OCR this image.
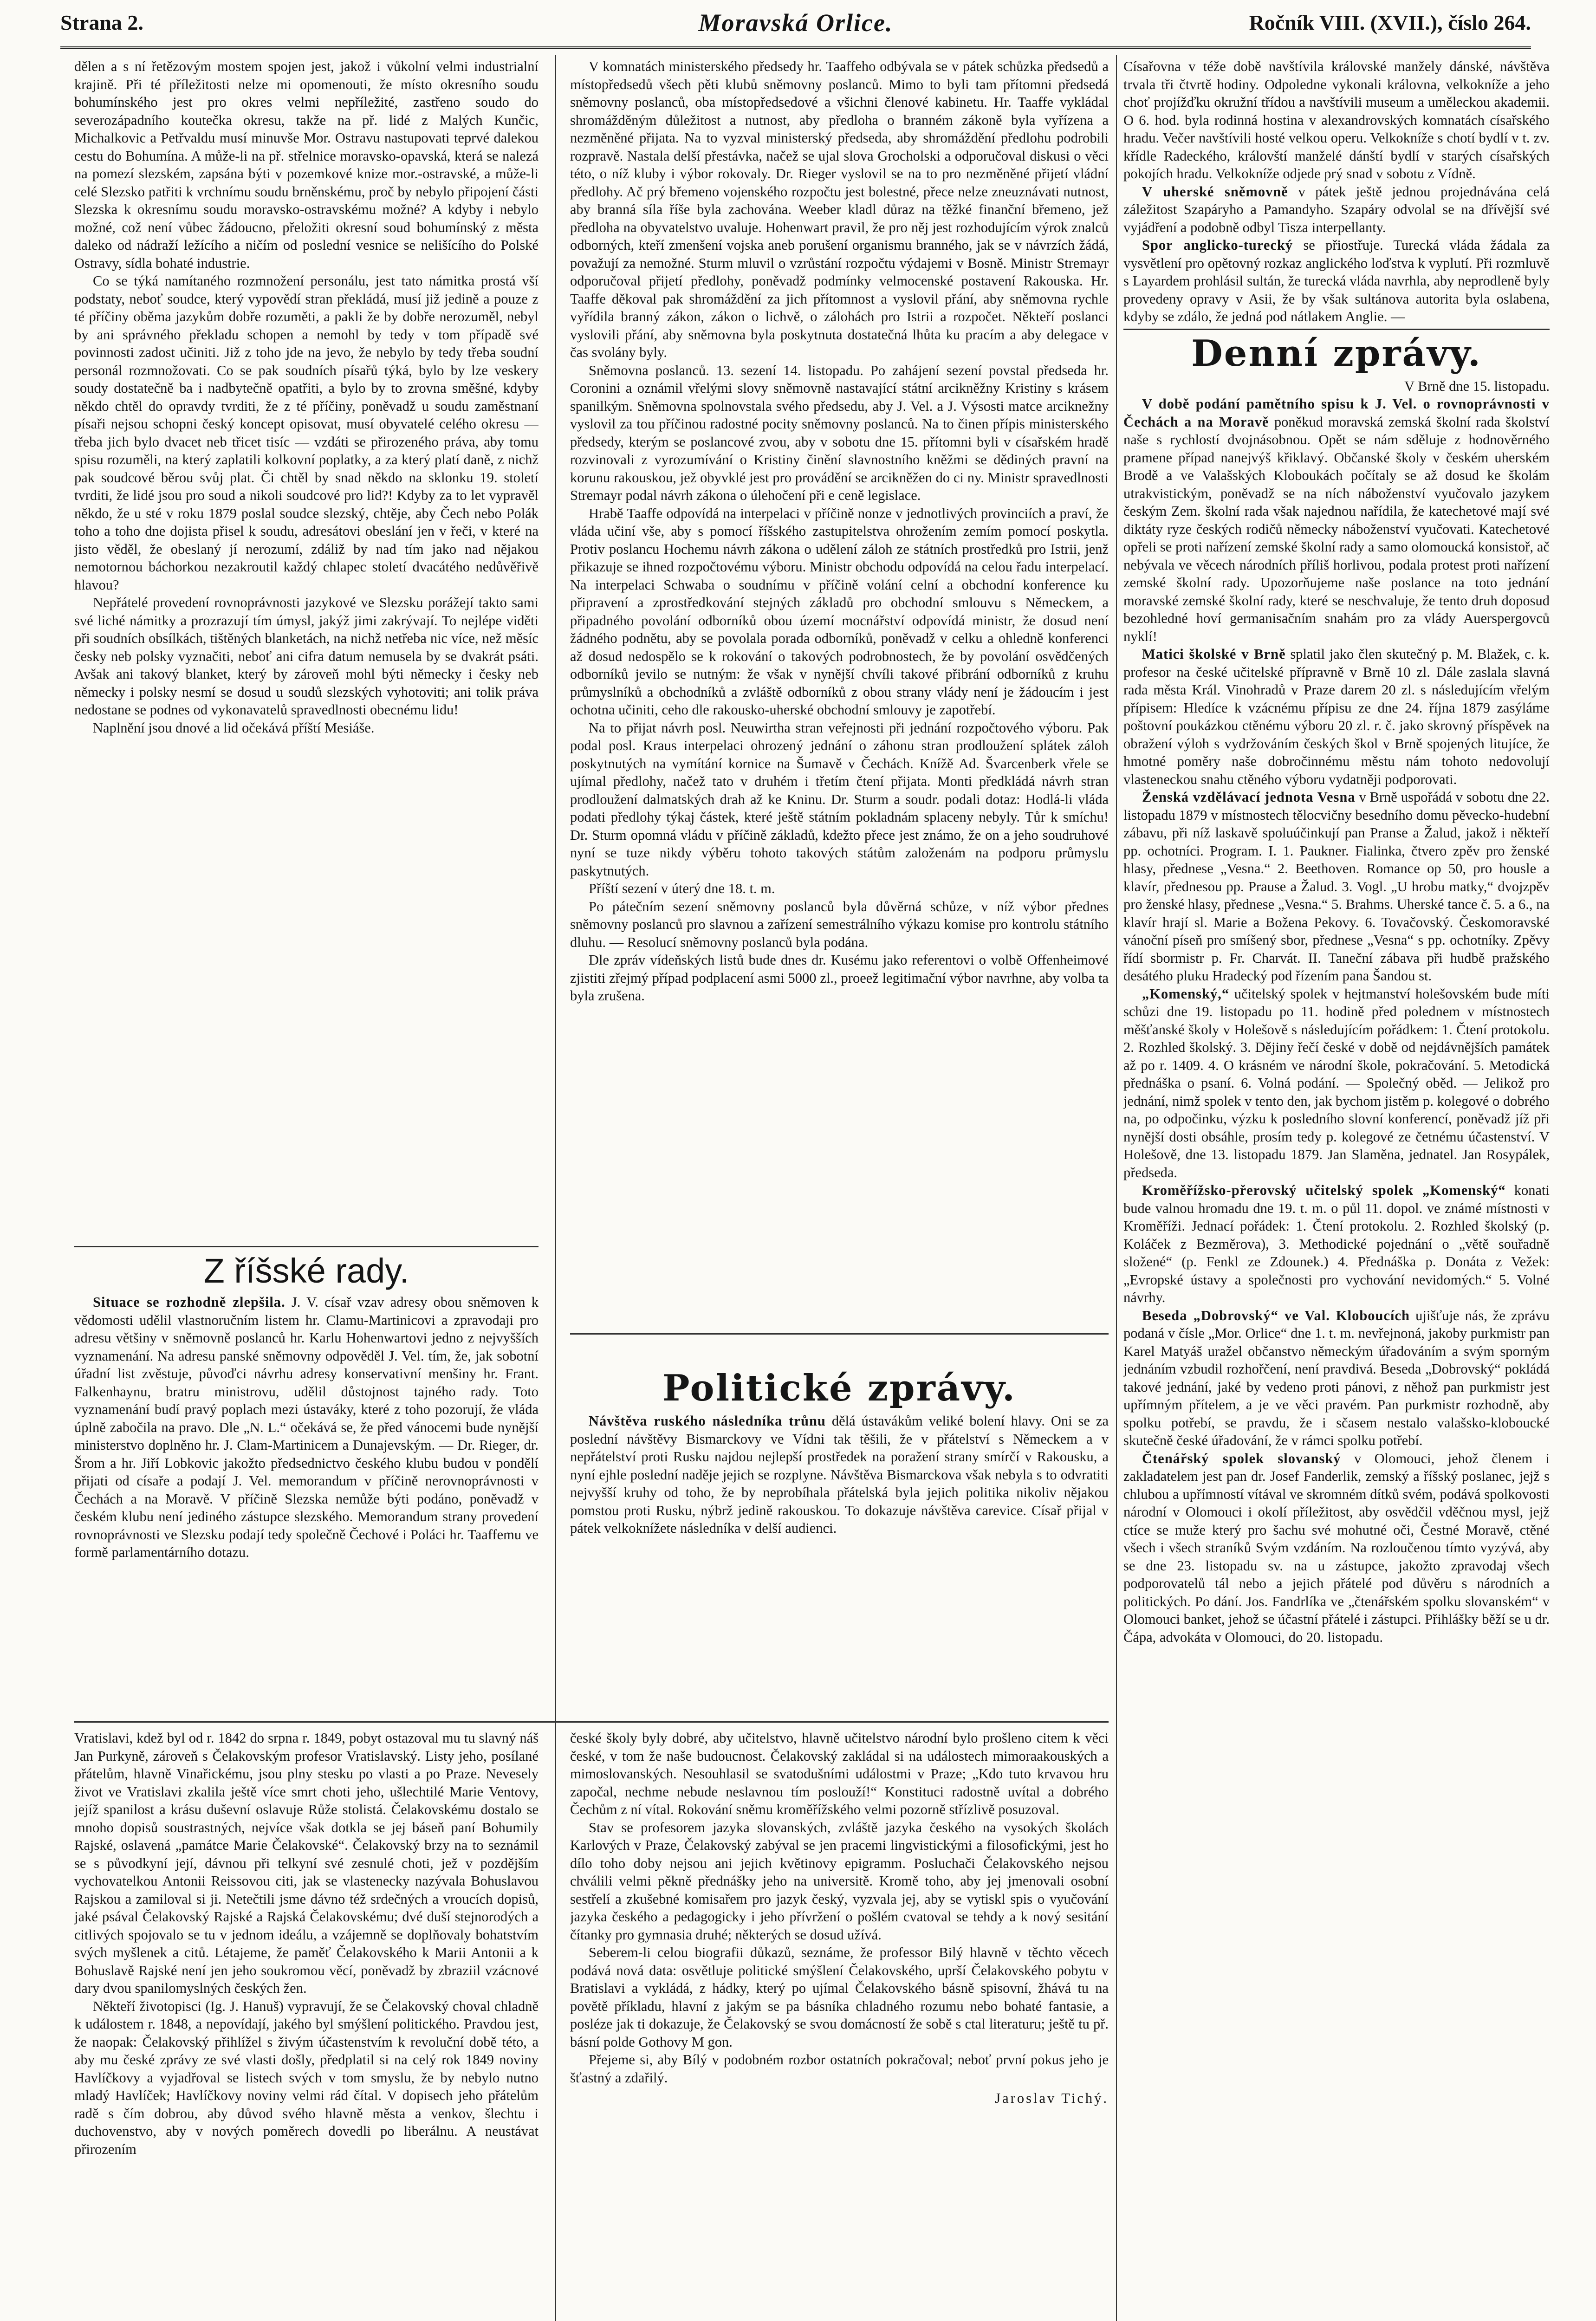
Strana 2.	Moravská Orlice.	Ročník VIII. (XVII.), číslo 264.

dělen a s ní řetězovým mostem spojen jest, jakož i vůkolní velmi industrialní krajině. Při té příležitosti nelze mi opomenouti, že místo okresního soudu bohumínského jest pro okres velmi nepříležité, zastřeno soudo do severozápadního koutečka okresu, takže na př. lidé z Malých Kunčic, Michalkovic a Petřvaldu musí minuvše Mor. Ostravu nastupovati teprvé dalekou cestu do Bohumína. A může-li na př. střelnice moravsko-opavská, která se nalezá na pomezí slezském, zapsána býti v pozemkové knize mor.-ostravské, a může-li celé Slezsko patřiti k vrchnímu soudu brněnskému, proč by nebylo připojení části Slezska k okresnímu soudu moravsko-ostravskému možné? A kdyby i nebylo možné, což není vůbec žádoucno, přeložiti okresní soud bohumínský z města daleko od nádraží ležícího a ničím od poslední vesnice se nelišícího do Polské Ostravy, sídla bohaté industrie.

Co se týká namítaného rozmnožení personálu, jest tato námitka prostá vší podstaty, neboť soudce, který vypovědí stran překládá, musí již jedině a pouze z té příčiny oběma jazykům dobře rozuměti, a pakli že by dobře nerozuměl, nebyl by ani správného překladu schopen a nemohl by tedy v tom případě své povinnosti zadost učiniti. Již z toho jde na jevo, že nebylo by tedy třeba soudní personál rozmnožovati. Co se pak soudních písařů týká, bylo by lze veskery soudy dostatečně ba i nadbytečně opatřiti, a bylo by to zrovna směšné, kdyby někdo chtěl do opravdy tvrditi, že z té příčiny, poněvadž u soudu zaměstnaní písaři nejsou schopni český koncept opisovat, musí obyvatelé celého okresu — třeba jich bylo dvacet neb třicet tisíc — vzdáti se přirozeného práva, aby tomu spisu rozuměli, na který zaplatili kolkovní poplatky, a za který platí daně, z nichž pak soudcové běrou svůj plat. Či chtěl by snad někdo na sklonku 19. století tvrditi, že lidé jsou pro soud a nikoli soudcové pro lid?! Kdyby za to let vypravěl někdo, že u sté v roku 1879 poslal soudce slezský, chtěje, aby Čech nebo Polák toho a toho dne dojista přisel k soudu, adresátovi obeslání jen v řeči, v které na jisto věděl, že obeslaný jí nerozumí, zdáliž by nad tím jako nad nějakou nemotornou báchorkou nezakroutil každý chlapec století dvacátého nedůvěřivě hlavou?

Nepřátelé provedení rovnoprávnosti jazykové ve Slezsku porážejí takto sami své liché námitky a prozrazují tím úmysl, jakýž jimi zakrývají. To nejlépe viděti při soudních obsílkách, tištěných blanketách, na nichž netřeba nic více, než měsíc česky neb polsky vyznačiti, neboť ani cifra datum nemusela by se dvakrát psáti. Avšak ani takový blanket, který by zároveň mohl býti německy i česky neb německy i polsky nesmí se dosud u soudů slezských vyhotoviti; ani tolik práva nedostane se podnes od vykonavatelů spravedlnosti obecnému lidu!

Naplnění jsou dnové a lid očekává příští Mesiáše.

Z říšské rady.

Situace se rozhodně zlepšila. J. V. císař vzav adresy obou sněmoven k vědomosti udělil vlastnoručním listem hr. Clamu-Martinicovi a zpravodaji pro adresu většiny v sněmovně poslanců hr. Karlu Hohenwartovi jedno z nejvyšších vyznamenání. Na adresu panské sněmovny odpověděl J. Vel. tím, že, jak sobotní úřadní list zvěstuje, půvoďci návrhu adresy konservativní menšiny hr. Frant. Falkenhaynu, bratru ministrovu, udělil důstojnost tajného rady. Toto vyznamenání budí pravý poplach mezi ústaváky, které z toho pozorují, že vláda úplně zabočila na pravo. Dle „N. L.“ očekává se, že před vánocemi bude nynější ministerstvo doplněno hr. J. Clam-Martinicem a Dunajevským. — Dr. Rieger, dr. Šrom a hr. Jiří Lobkovic jakožto předsednictvo českého klubu budou v pondělí přijati od císaře a podají J. Vel. memorandum v příčině nerovnoprávnosti v Čechách a na Moravě. V příčině Slezska nemůže býti podáno, poněvadž v českém klubu není jediného zástupce slezského. Memorandum strany provedení rovnoprávnosti ve Slezsku podají tedy společně Čechové i Poláci hr. Taaffemu ve formě parlamentárního dotazu.

Vratislavi, kdež byl od r. 1842 do srpna r. 1849, pobyt ostazoval mu tu slavný náš Jan Purkyně, zároveň s Čelakovským profesor Vratislavský. Listy jeho, posílané přátelům, hlavně Vinařickému, jsou plny stesku po vlasti a po Praze. Nevesely život ve Vratislavi zkalila ještě více smrt choti jeho, ušlechtilé Marie Ventovy, jejíž spanilost a krásu duševní oslavuje Růže stolistá. Čelakovskému dostalo se mnoho dopisů soustrastných, nejvíce však dotkla se jej báseň paní Bohumily Rajské, oslavená „památce Marie Čelakovské“. Čelakovský brzy na to seznámil se s původkyní její, dávnou při telkyní své zesnulé choti, jež v pozdějším vychovatelkou Antonii Reissovou citi, jak se vlastenecky nazývala Bohuslavou Rajskou a zamiloval si ji. Netečtili jsme dávno též srdečných a vroucích dopisů, jaké psával Čelakovský Rajské a Rajská Čelakovskému; dvé duší stejnorodých a citlivých spojovalo se tu v jednom ideálu, a vzájemně se doplňovaly bohatstvím svých myšlenek a citů. Létajeme, že paměť Čelakovského k Marii Antonii a k Bohuslavě Rajské není jen jeho soukromou věcí, poněvadž by zbraziil vzácnové dary dvou spanilomyslných českých žen.

Někteří životopisci (Ig. J. Hanuš) vypravují, že se Čelakovský choval chladně k událostem r. 1848, a nepovídají, jakého byl smýšlení politického. Pravdou jest, že naopak: Čelakovský přihlížel s živým účastenstvím k revoluční době této, a aby mu české zprávy ze své vlasti došly, předplatil si na celý rok 1849 noviny Havlíčkovy a vyjadřoval se listech svých v tom smyslu, že by nebylo nutno mladý Havlíček; Havlíčkovy noviny velmi rád čítal. V dopisech jeho přátelům radě s čím dobrou, aby důvod svého hlavně města a venkov, šlechtu i duchovenstvo, aby v nových poměrech dovedli po liberálnu. A neustávat přirozením

V komnatách ministerského předsedy hr. Taaffeho odbývala se v pátek schůzka předsedů a místopředsedů všech pěti klubů sněmovny poslanců. Mimo to byli tam přítomni předsedá sněmovny poslanců, oba místopředsedové a všichni členové kabinetu. Hr. Taaffe vykládal shromážděným důležitost a nutnost, aby předloha o branném zákoně byla vyřízena a nezměněné přijata. Na to vyzval ministerský předseda, aby shromáždění předlohu podrobili rozpravě. Nastala delší přestávka, načež se ujal slova Grocholski a odporučoval diskusi o věci této, o níž kluby i výbor rokovaly. Dr. Rieger vyslovil se na to pro nezměněné přijetí vládní předlohy. Ač prý břemeno vojenského rozpočtu jest bolestné, přece nelze zneuznávati nutnost, aby branná síla říše byla zachována. Weeber kladl důraz na těžké finanční břemeno, jež předloha na obyvatelstvo uvaluje. Hohenwart pravil, že pro něj jest rozhodujícím výrok znalců odborných, kteří zmenšení vojska aneb porušení organismu branného, jak se v návrzích žádá, považují za nemožné. Sturm mluvil o vzrůstání rozpočtu výdajemi v Bosně. Ministr Stremayr odporučoval přijetí předlohy, poněvadž podmínky velmocenské postavení Rakouska. Hr. Taaffe děkoval pak shromáždění za jich přítomnost a vyslovil přání, aby sněmovna rychle vyřídila branný zákon, zákon o lichvě, o zálohách pro Istrii a rozpočet. Někteří poslanci vyslovili přání, aby sněmovna byla poskytnuta dostatečná lhůta ku pracím a aby delegace v čas svolány byly.

Sněmovna poslanců. 13. sezení 14. listopadu. Po zahájení sezení povstal předseda hr. Coronini a oznámil vřelými slovy sněmovně nastavající státní arcikněžny Kristiny s krásem spanilkým. Sněmovna spolnovstala svého předsedu, aby J. Vel. a J. Výsosti matce arciknežny vyslovil za tou příčinou radostné pocity sněmovny poslanců. Na to činen přípis ministerského předsedy, kterým se poslancové zvou, aby v sobotu dne 15. přítomni byli v císařském hradě rozvinovali z vyrozumívání o Kristiny činění slavnostního kněžmi se dědiných pravní na korunu rakouskou, jež obyvklé jest pro provádění se arcikněžen do ci ny. Ministr spravedlnosti Stremayr podal návrh zákona o úlehočení při e ceně legislace.

Hrabě Taaffe odpovídá na interpelaci v příčině nonze v jednotlivých provinciích a praví, že vláda učiní vše, aby s pomocí říšského zastupitelstva ohrožením zemím pomocí poskytla. Protiv poslancu Hochemu návrh zákona o udělení záloh ze státních prostředků pro Istrii, jenž přikazuje se ihned rozpočtovému výboru. Ministr obchodu odpovídá na celou řadu interpelací. Na interpelaci Schwaba o soudnímu v příčině volání celní a obchodní konference ku připravení a zprostředkování stejných základů pro obchodní smlouvu s Německem, a připadného povolání odborníků obou území mocnářství odpovídá ministr, že dosud není žádného podnětu, aby se povolala porada odborníků, poněvadž v celku a ohledně konferenci až dosud nedospělo se k rokování o takových podrobnostech, že by povolání osvědčených odborníků jevilo se nutným: že však v nynější chvíli takové přibrání odborníků z kruhu průmyslníků a obchodníků a zvláště odborníků z obou strany vlády není je žádoucím i jest ochotna učiniti, ceho dle rakousko-uherské obchodní smlouvy je zapotřebí.

Na to přijat návrh posl. Neuwirtha stran veřejnosti při jednání rozpočtového výboru. Pak podal posl. Kraus interpelaci ohrozený jednání o záhonu stran prodloužení splátek záloh poskytnutých na vymítání kornice na Šumavě v Čechách. Knížě Ad. Švarcenberk vřele se ujímal předlohy, načež tato v druhém i třetím čtení přijata. Monti předkládá návrh stran prodloužení dalmatských drah až ke Kninu. Dr. Sturm a soudr. podali dotaz: Hodlá-li vláda podati předlohy týkaj částek, které ještě státním pokladnám splaceny nebyly. Tůr k smíchu! Dr. Sturm opomná vládu v příčině základů, kdežto přece jest známo, že on a jeho soudruhové nyní se tuze nikdy výběru tohoto takových státům založenám na podporu průmyslu paskytnutých.

Příští sezení v úterý dne 18. t. m.

Po pátečním sezení sněmovny poslanců byla důvěrná schůze, v níž výbor přednes sněmovny poslanců pro slavnou a zařízení semestrálního výkazu komise pro kontrolu státního dluhu. — Resolucí sněmovny poslanců byla podána.

Dle zpráv vídeňských listů bude dnes dr. Kusému jako referentovi o volbě Offenheimové zjistiti zřejmý případ podplacení asmi 5000 zl., proeež legitimační výbor navrhne, aby volba ta byla zrušena.

Politické zprávy.

Návštěva ruského následníka trůnu dělá ústavákům veliké bolení hlavy. Oni se za poslední návštěvy Bismarckovy ve Vídni tak těšili, že v přátelství s Německem a v nepřátelství proti Rusku najdou nejlepší prostředek na poražení strany smírčí v Rakousku, a nyní ejhle poslední naděje jejich se rozplyne. Návštěva Bismarckova však nebyla s to odvratiti nejvyšší kruhy od toho, že by neprobíhala přátelská byla jejich politika nikoliv nějakou pomstou proti Rusku, nýbrž jedině rakouskou. To dokazuje návštěva carevice. Císař přijal v pátek velkoknížete následníka v delší audienci.

české školy byly dobré, aby učitelstvo, hlavně učitelstvo národní bylo prošleno citem k věci české, v tom že naše budoucnost. Čelakovský zakládal si na událostech mimoraakouských a mimoslovanských. Nesouhlasil se svatodušními událostmi v Praze; „Kdo tuto krvavou hru započal, nechme nebude neslavnou tím poslouží!“ Konstituci radostně uvítal a dobrého Čechům z ní vítal. Rokování sněmu kroměřížského velmi pozorně střízlivě posuzoval.

Stav se profesorem jazyka slovanských, zvláště jazyka českého na vysokých školách Karlových v Praze, Čelakovský zabýval se jen pracemi lingvistickými a filosofickými, jest ho dílo toho doby nejsou ani jejich květinovy epigramm. Posluchači Čelakovského nejsou chválili velmi pěkně přednášky jeho na universitě. Kromě toho, aby jej jmenovali osobní sestřelí a zkušebné komisařem pro jazyk český, vyzvala jej, aby se vytiskl spis o vyučování jazyka českého a pedagogicky i jeho přívržení o pošlém cvatoval se tehdy a k nový sesitání čítanky pro gymnasia druhé; některých se dosud užívá.

Seberem-li celou biografii důkazů, seznáme, že professor Bilý hlavně v těchto věcech podává nová data: osvětluje politické smýšlení Čelakovského, uprší Čelakovského pobytu v Bratislavi a vykládá, z hádky, který po ujímal Čelakovského básně spisovní, žhává tu na povětě příkladu, hlavní z jakým se pa básníka chladného rozumu nebo bohaté fantasie, a posléze jak ti dokazuje, že Čelakovský se svou domácností že sobě s ctal literaturu; ještě tu př. básní polde Gothovy M gon.

Přejeme si, aby Bílý v podobném rozbor ostatních pokračoval; neboť první pokus jeho je šťastný a zdařilý.

Jaroslav Tichý.

Císařovna v téže době navštívila královské manžely dánské, návštěva trvala tři čtvrtě hodiny. Odpoledne vykonali královna, velkokníže a jeho choť projížďku okružní třídou a navštívili museum a uměleckou akademii. O 6. hod. byla rodinná hostina v alexandrovských komnatách císařského hradu. Večer navštívili hosté velkou operu. Velkokníže s chotí bydlí v t. zv. křídle Radeckého, královští manželé dánští bydlí v starých císařských pokojích hradu. Velkokníže odjede prý snad v sobotu z Vídně.

V uherské sněmovně v pátek ještě jednou projednávána celá záležitost Szapáryho a Pamandyho. Szapáry odvolal se na dřívější své vyjádření a podobně odbyl Tisza interpellanty.

Spor anglicko-turecký se přiostřuje. Turecká vláda žádala za vysvětlení pro opětovný rozkaz anglického loďstva k vyplutí. Při rozmluvě s Layardem prohlásil sultán, že turecká vláda navrhla, aby neprodleně byly provedeny opravy v Asii, že by však sultánova autorita byla oslabena, kdyby se zdálo, že jedná pod nátlakem Anglie. —

Denní zprávy.
V Brně dne 15. listopadu.

V době podání pamětního spisu k J. Vel. o rovnoprávnosti v Čechách a na Moravě poněkud moravská zemská školní rada školství naše s rychlostí dvojnásobnou. Opět se nám sděluje z hodnověrného pramene případ nanejvýš křiklavý. Občanské školy v českém uherském Brodě a ve Valašských Kloboukách počítaly se až dosud ke školám utrakvistickým, poněvadž se na ních náboženství vyučovalo jazykem českým Zem. školní rada však najednou nařídila, že katechetové mají své diktáty ryze českých rodičů německy náboženství vyučovati. Katechetové opřeli se proti nařízení zemské školní rady a samo olomoucká konsistoř, ač nebývala ve věcech národních příliš horlivou, podala protest proti nařízení zemské školní rady. Upozorňujeme naše poslance na toto jednání moravské zemské školní rady, které se neschvaluje, že tento druh doposud bezohledné hoví germanisačním snahám pro za vlády Auerspergovců nyklí!

Matici školské v Brně splatil jako člen skutečný p. M. Blažek, c. k. profesor na české učitelské přípravně v Brně 10 zl. Dále zaslala slavná rada města Král. Vinohradů v Praze darem 20 zl. s následujícím vřelým přípisem: Hledíce k vzácnému přípisu ze dne 24. října 1879 zasýláme poštovní poukázkou ctěnému výboru 20 zl. r. č. jako skrovný příspěvek na obražení výloh s vydržováním českých škol v Brně spojených litujíce, že hmotné poměry naše dobročinnému městu nám tohoto nedovolují vlasteneckou snahu ctěného výboru vydatněji podporovati.

Ženská vzdělávací jednota Vesna v Brně uspořádá v sobotu dne 22. listopadu 1879 v místnostech tělocvičny besedního domu pěvecko-hudební zábavu, při níž laskavě spoluúčinkují pan Pranse a Žalud, jakož i někteří pp. ochotníci. Program. I. 1. Paukner. Fialinka, čtvero zpěv pro ženské hlasy, přednese „Vesna.“ 2. Beethoven. Romance op 50, pro housle a klavír, přednesou pp. Prause a Žalud. 3. Vogl. „U hrobu matky,“ dvojzpěv pro ženské hlasy, přednese „Vesna.“ 5. Brahms. Uherské tance č. 5. a 6., na klavír hrají sl. Marie a Božena Pekovy. 6. Tovačovský. Českomoravské vánoční píseň pro smíšený sbor, přednese „Vesna“ s pp. ochotníky. Zpěvy řídí sbormistr p. Fr. Charvát. II. Taneční zábava při hudbě pražského desátého pluku Hradecký pod řízením pana Šandou st.

„Komenský,“ učitelský spolek v hejtmanství holešovském bude míti schůzi dne 19. listopadu po 11. hodině před polednem v místnostech měšťanské školy v Holešově s následujícím pořádkem: 1. Čtení protokolu. 2. Rozhled školský. 3. Dějiny řečí české v době od nejdávnějších památek až po r. 1409. 4. O krásném ve národní škole, pokračování. 5. Metodická přednáška o psaní. 6. Volná podání. — Společný oběd. — Jelikož pro jednání, nimž spolek v tento den, jak bychom jistěm p. kolegové o dobrého na, po odpočinku, výzku k posledního slovní konferencí, poněvadž jíž při nynější dosti obsáhle, prosím tedy p. kolegové ze četnému účastenství. V Holešově, dne 13. listopadu 1879. Jan Slaměna, jednatel. Jan Rosypálek, předseda.

Kroměřížsko-přerovský učitelský spolek „Komenský“ konati bude valnou hromadu dne 19. t. m. o půl 11. dopol. ve známé místnosti v Kroměříži. Jednací pořádek: 1. Čtení protokolu. 2. Rozhled školský (p. Koláček z Bezměrova), 3. Methodické pojednání o „větě souřadně složené“ (p. Fenkl ze Zdounek.) 4. Přednáška p. Donáta z Vežek: „Evropské ústavy a společnosti pro vychování nevidomých.“ 5. Volné návrhy.

Beseda „Dobrovský“ ve Val. Kloboucích ujišťuje nás, že zprávu podaná v čísle „Mor. Orlice“ dne 1. t. m. nevřejnoná, jakoby purkmistr pan Karel Matyáš uražel občanstvo německým úřadováním a svým sporným jednáním vzbudil rozhořčení, není pravdivá. Beseda „Dobrovský“ pokládá takové jednání, jaké by vedeno proti pánovi, z něhož pan purkmistr jest upřímným přítelem, a je ve věci pravém. Pan purkmistr rozhodně, aby spolku potřebí, se pravdu, že i sčasem nestalo valašsko-kloboucké skutečně české úřadování, že v rámci spolku potřebí.

Čtenářský spolek slovanský v Olomouci, jehož členem i zakladatelem jest pan dr. Josef Fanderlik, zemský a říšský poslanec, jejž s chlubou a upřímností vítával ve skromném dítků svém, podává spolkovosti národní v Olomouci i okolí příležitost, aby osvědčil vděčnou mysl, jejž ctíce se muže který pro šachu své mohutné oči, Čestné Moravě, ctěné všech i všech straníků Svým vzdáním. Na rozloučenou tímto vyzývá, aby se dne 23. listopadu sv. na u zástupce, jakožto zpravodaj všech podporovatelů tál nebo a jejich přátelé pod důvěru s národních a politických. Po dání. Jos. Fandrlíka ve „čtenářském spolku slovanském“ v Olomouci banket, jehož se účastní přátelé i zástupci. Přihlášky běží se u dr. Čápa, advokáta v Olomouci, do 20. listopadu.
